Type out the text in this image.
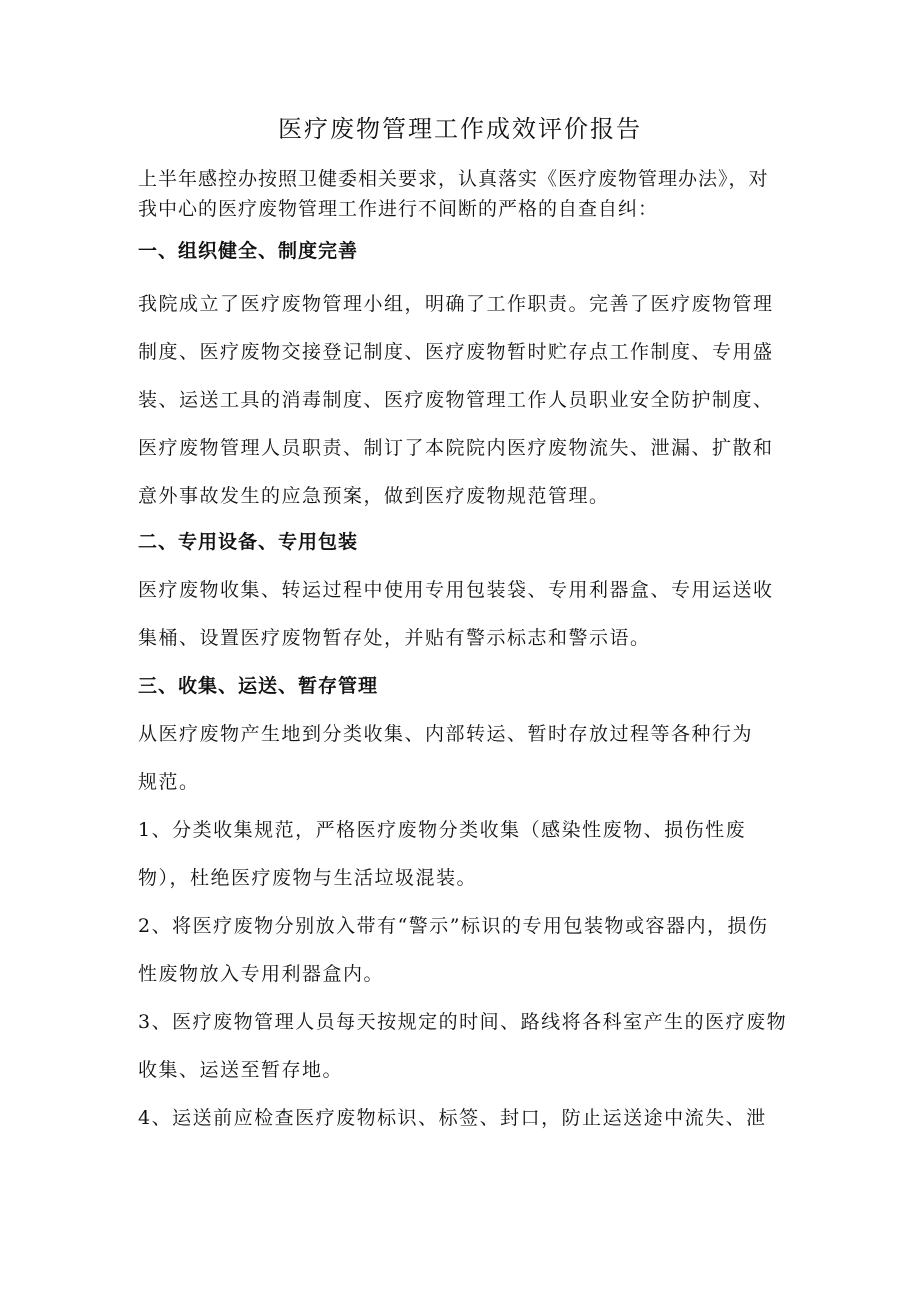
医疗废物管理工作成效评价报告

上半年感控办按照卫健委相关要求，认真落实《医疗废物管理办法》，对我中心的医疗废物管理工作进行不间断的严格的自查自纠：

一、组织健全、制度完善

我院成立了医疗废物管理小组，明确了工作职责。完善了医疗废物管理制度、医疗废物交接登记制度、医疗废物暂时贮存点工作制度、专用盛装、运送工具的消毒制度、医疗废物管理工作人员职业安全防护制度、医疗废物管理人员职责、制订了本院院内医疗废物流失、泄漏、扩散和意外事故发生的应急预案，做到医疗废物规范管理。

二、专用设备、专用包装

医疗废物收集、转运过程中使用专用包装袋、专用利器盒、专用运送收集桶、设置医疗废物暂存处，并贴有警示标志和警示语。

三、收集、运送、暂存管理

从医疗废物产生地到分类收集、内部转运、暂时存放过程等各种行为规范。

1、分类收集规范，严格医疗废物分类收集（感染性废物、损伤性废物），杜绝医疗废物与生活垃圾混装。

2、将医疗废物分别放入带有“警示”标识的专用包装物或容器内，损伤性废物放入专用利器盒内。

3、医疗废物管理人员每天按规定的时间、路线将各科室产生的医疗废物收集、运送至暂存地。

4、运送前应检查医疗废物标识、标签、封口，防止运送途中流失、泄
